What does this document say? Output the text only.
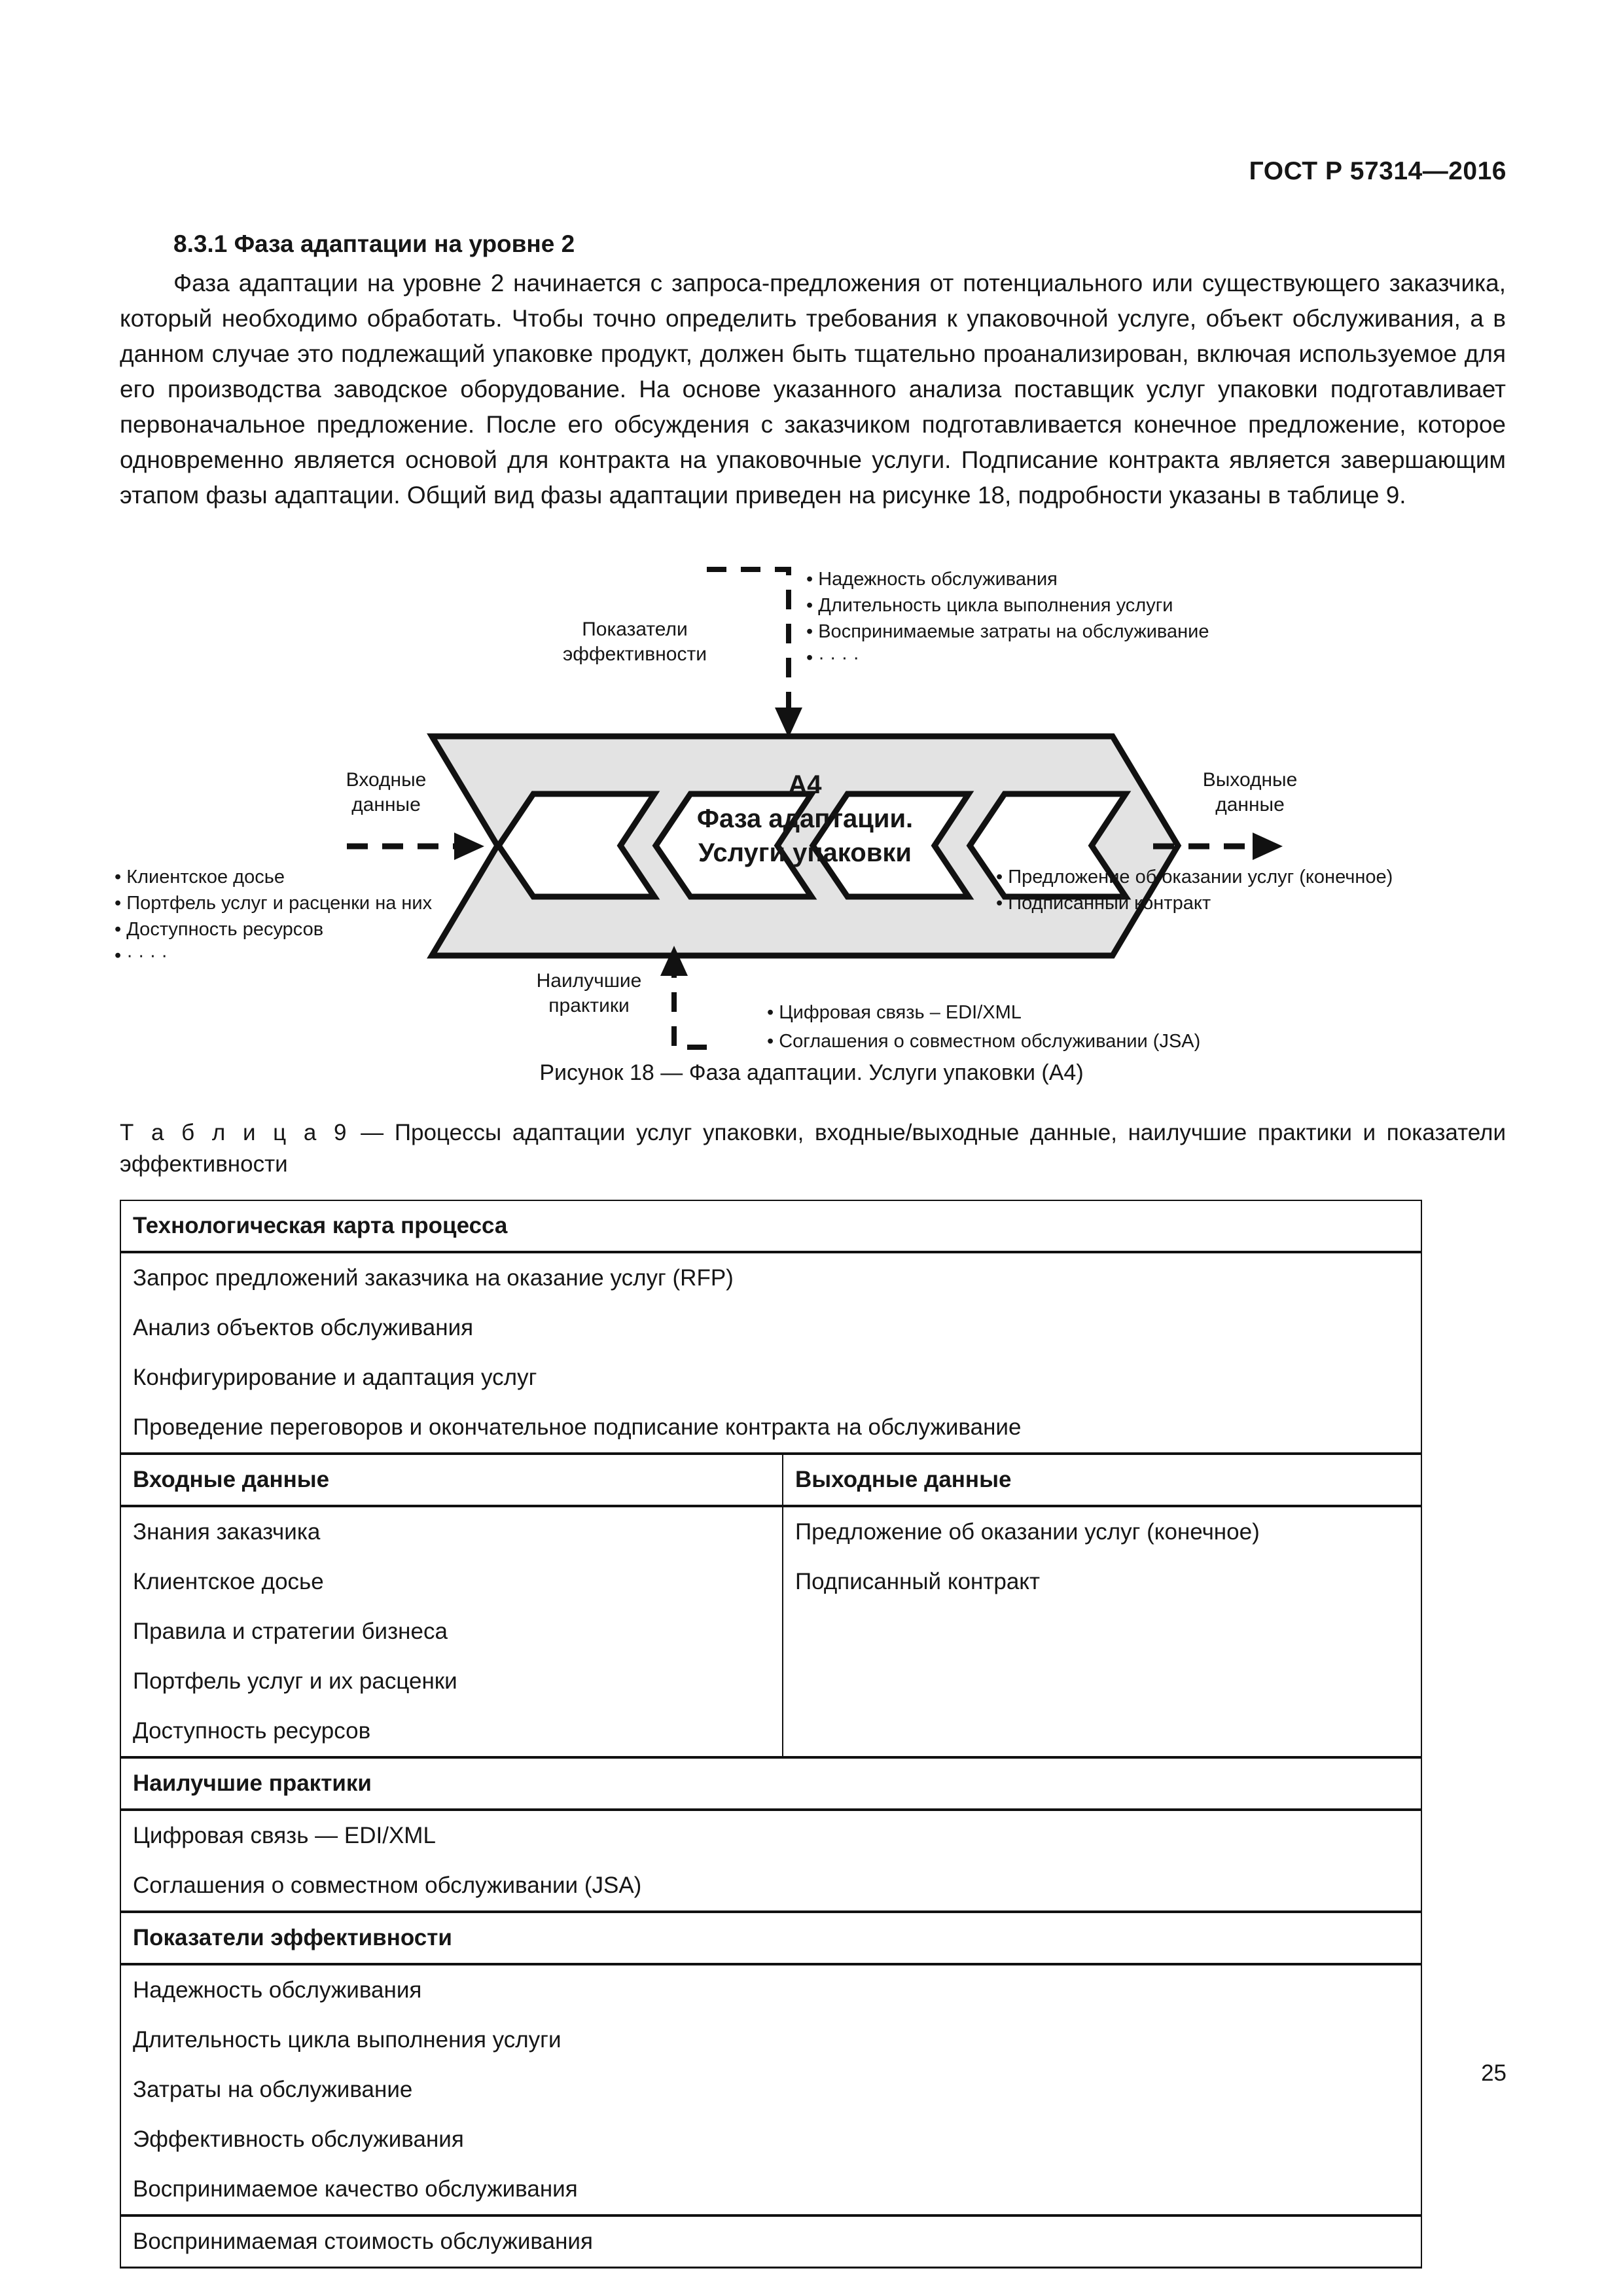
ГОСТ Р 57314—2016
8.3.1 Фаза адаптации на уровне 2

Фаза адаптации на уровне 2 начинается с запроса-предложения от потенциального или существующего заказчика, который необходимо обработать. Чтобы точно определить требования к упаковочной услуге, объект обслуживания, а в данном случае это подлежащий упаковке продукт, должен быть тщательно проанализирован, включая используемое для его производства заводское оборудование. На основе указанного анализа поставщик услуг упаковки подготавливает первоначальное предложение. После его обсуждения с заказчиком подготавливается конечное предложение, которое одновременно является основой для контракта на упаковочные услуги. Подписание контракта является завершающим этапом фазы адаптации. Общий вид фазы адаптации приведен на рисунке 18, подробности указаны в таблице 9.

• Надежность обслуживания
• Длительность цикла выполнения услуги
• Воспринимаемые затраты на обслуживание
• · · · ·
Показатели
эффективности
A4
Фаза адаптации.
Услуги упаковки
Входные
данные
• Клиентское досье
• Портфель услуг и расценки на них
• Доступность ресурсов
• · · · ·
Выходные
данные
• Предложение об оказании услуг (конечное)
• Подписанный контракт
Наилучшие
практики	• Цифровая связь – EDI/XML
• Соглашения о совместном обслуживании (JSA)
Рисунок 18 — Фаза адаптации. Услуги упаковки (А4)
Т а б л и ц а 9 — Процессы адаптации услуг упаковки, входные/выходные данные, наилучшие практики и показатели эффективности
Технологическая карта процесса	
Запрос предложений заказчика на оказание услуг (RFP)	
Анализ объектов обслуживания	
Конфигурирование и адаптация услуг	
Проведение переговоров и окончательное подписание контракта на обслуживание	
Входные данные	Выходные данные
Знания заказчика	Предложение об оказании услуг (конечное)
Клиентское досье	Подписанный контракт
Правила и стратегии бизнеса	
Портфель услуг и их расценки	
Доступность ресурсов	
Наилучшие практики	
Цифровая связь — EDI/XML	
Соглашения о совместном обслуживании (JSA)	
Показатели эффективности	
Надежность обслуживания	
Длительность цикла выполнения услуги	
Затраты на обслуживание	
Эффективность обслуживания	
Воспринимаемое качество обслуживания	
Воспринимаемая стоимость обслуживания	
25
